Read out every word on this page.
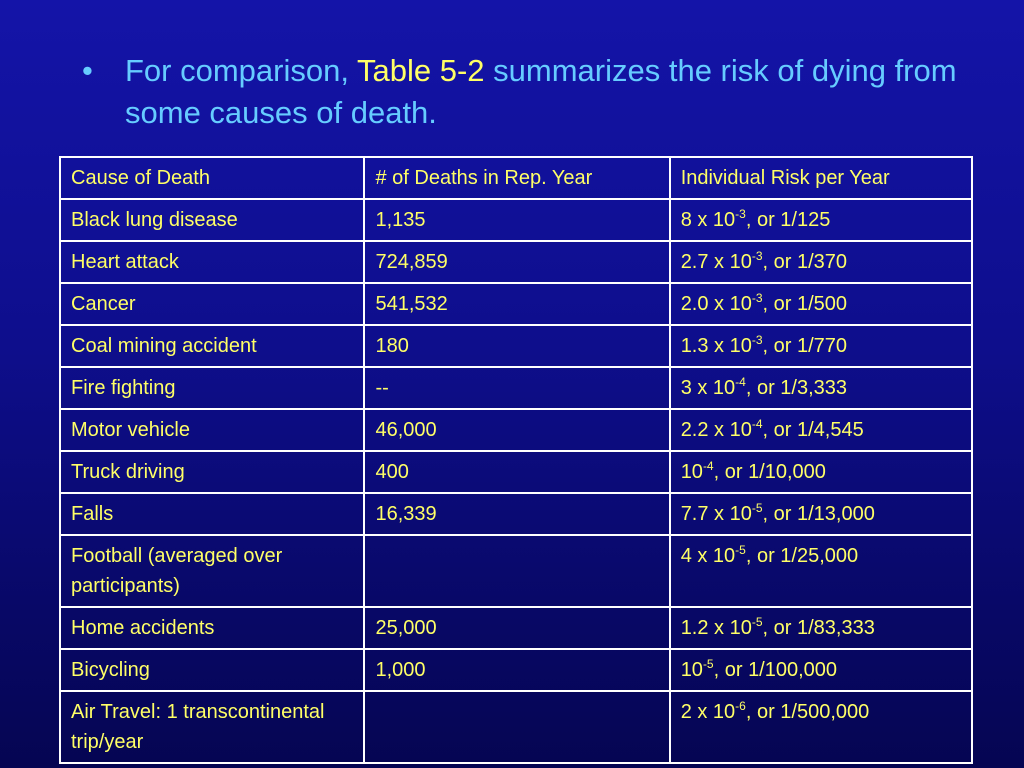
•	For comparison, Table 5-2 summarizes the risk of dying from some causes of death.
Cause of Death	# of Deaths in Rep. Year	Individual Risk per Year
Black lung disease	1,135	8 x $10^{-3}$, or 1/125
Heart attack	724,859	2.7 x $10^{-3}$, or 1/370
Cancer	541,532	2.0 x $10^{-3}$, or 1/500
Coal mining accident	180	1.3 x $10^{-3}$, or 1/770
Fire fighting	--	3 x $10^{-4}$, or 1/3,333
Motor vehicle	46,000	2.2 x $10^{-4}$, or 1/4,545
Truck driving	400	$10^{-4}$, or 1/10,000
Falls	16,339	7.7 x $10^{-5}$, or 1/13,000
Football (averaged over participants)		4 x $10^{-5}$, or 1/25,000
Home accidents	25,000	1.2 x $10^{-5}$, or 1/83,333
Bicycling	1,000	$10^{-5}$, or 1/100,000
Air Travel: 1 transcontinental trip/year		2 x $10^{-6}$, or 1/500,000
